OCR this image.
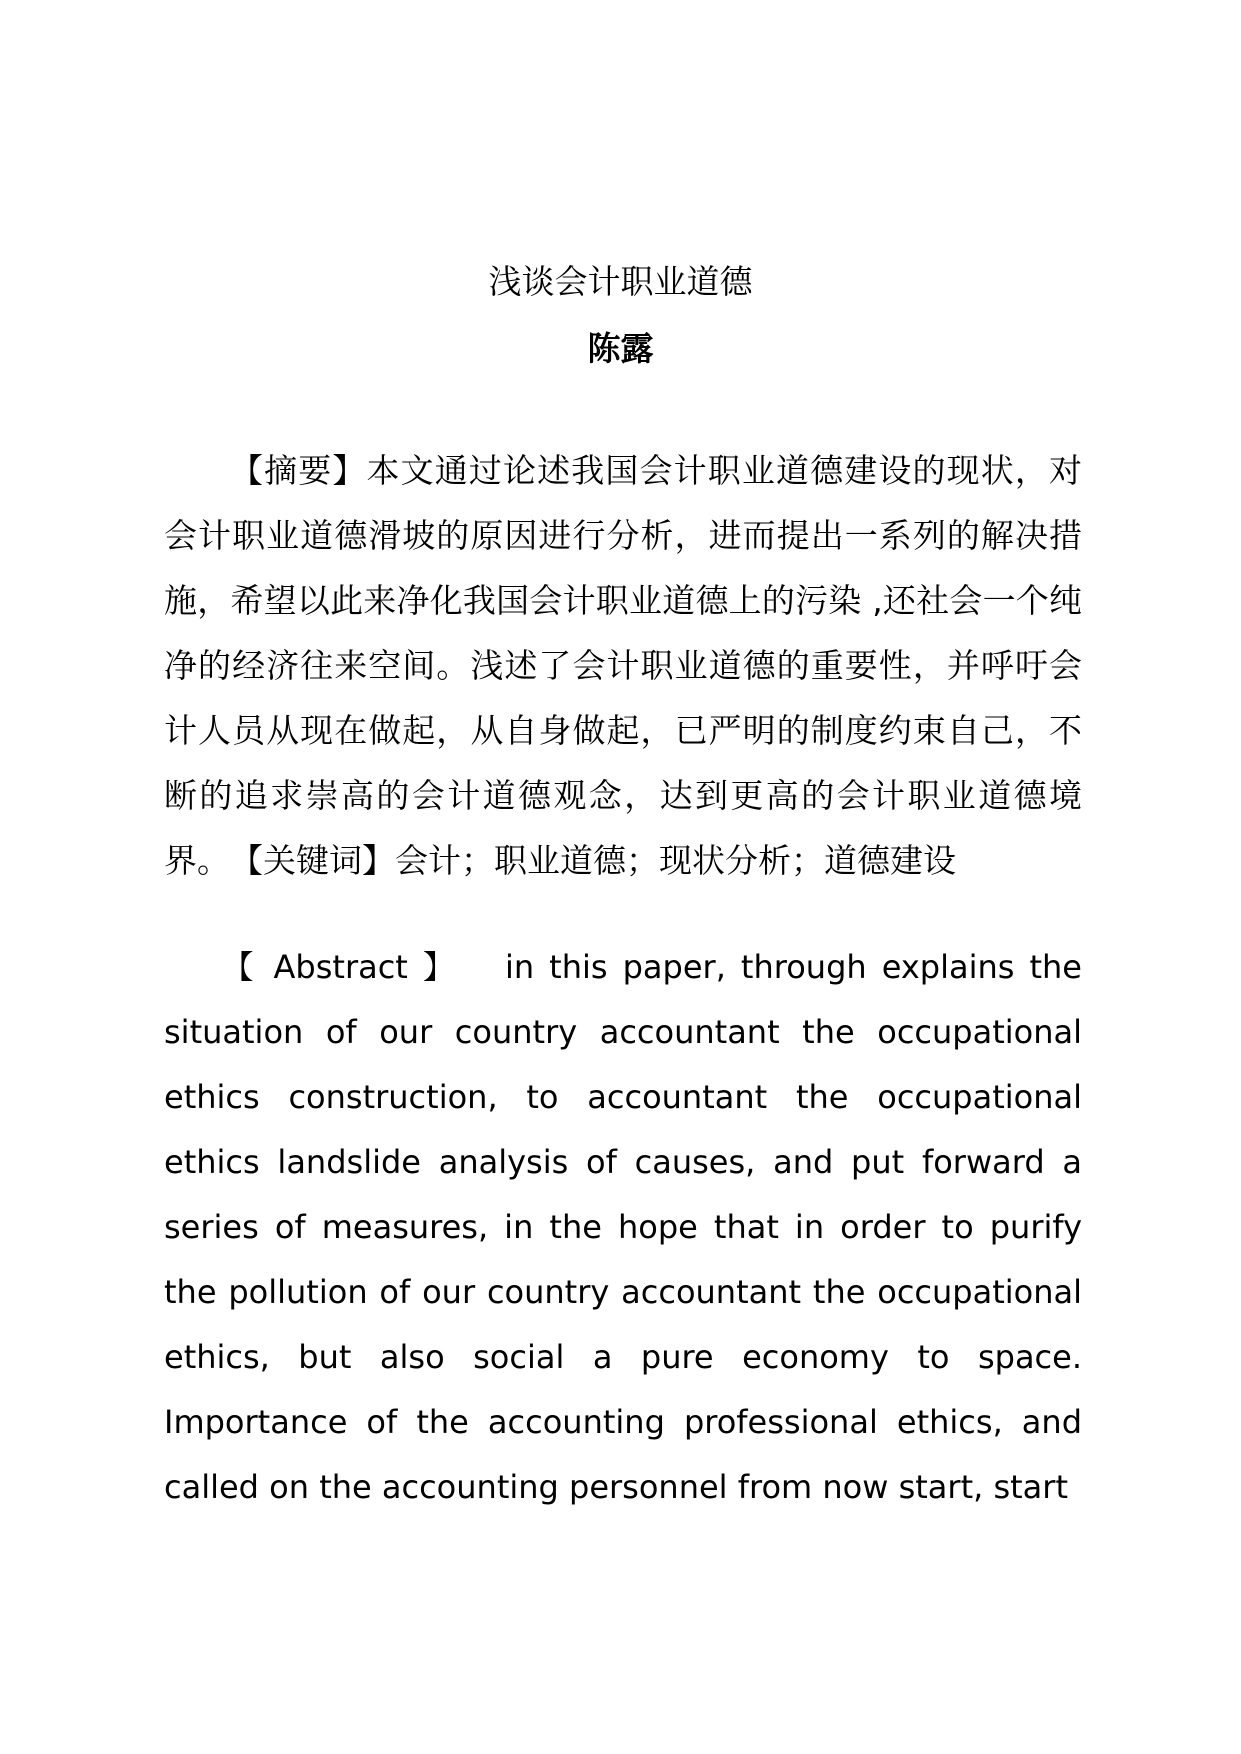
浅谈会计职业道德
陈露

【摘要】本文通过论述我国会计职业道德建设的现状，对会计职业道德滑坡的原因进行分析，进而提出一系列的解决措施，希望以此来净化我国会计职业道德上的污染 ,还社会一个纯净的经济往来空间。浅述了会计职业道德的重要性，并呼吁会计人员从现在做起，从自身做起，已严明的制度约束自己，不断的追求崇高的会计道德观念，达到更高的会计职业道德境界。 【关键词】会计；职业道德；现状分析；道德建设

【 Abstract 】 in this paper, through explains the situation of our country accountant the occupational ethics construction, to accountant the occupational ethics landslide analysis of causes, and put forward a series of measures, in the hope that in order to purify the pollution of our country accountant the occupational ethics, but also social a pure economy to space. Importance of the accounting professional ethics, and called on the accounting personnel from now start, start
